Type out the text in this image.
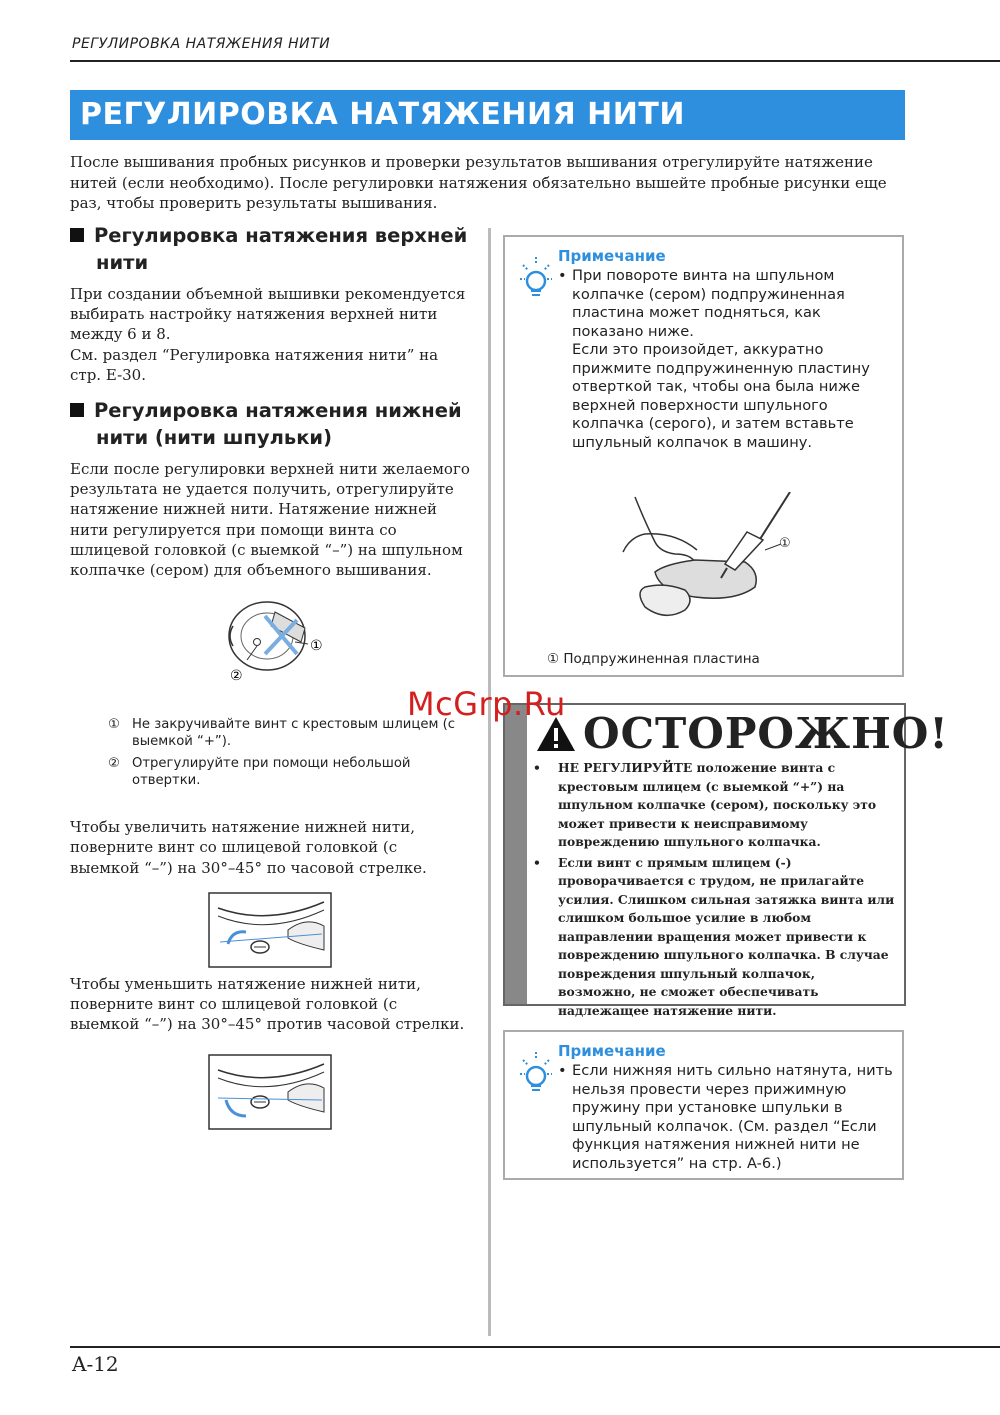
РЕГУЛИРОВКА НАТЯЖЕНИЯ НИТИ
РЕГУЛИРОВКА НАТЯЖЕНИЯ НИТИ
После вышивания пробных рисунков и проверки результатов вышивания отрегулируйте натяжение нитей (если необходимо). После регулировки натяжения обязательно вышейте пробные рисунки еще раз, чтобы проверить результаты вышивания.
Регулировка натяжения верхней нити

При создании объемной вышивки рекомендуется выбирать настройку натяжения верхней нити между 6 и 8.

См. раздел “Регулировка натяжения нити” на стр. E-30.

Регулировка натяжения нижней нити (нити шпульки)

Если после регулировки верхней нити желаемого результата не удается получить, отрегулируйте натяжение нижней нити. Натяжение нижней нити регулируется при помощи винта со шлицевой головкой (с выемкой “–”) на шпульном колпачке (сером) для объемного вышивания.

①
②
① Не закручивайте винт с крестовым шлицем (с выемкой “+”).
② Отрегулируйте при помощи небольшой отвертки.

Чтобы увеличить натяжение нижней нити, поверните винт со шлицевой головкой (с выемкой “–”) на 30°–45° по часовой стрелке.

Чтобы уменьшить натяжение нижней нити, поверните винт со шлицевой головкой (с выемкой “–”) на 30°–45° против часовой стрелки.

Примечание
• При повороте винта на шпульном колпачке (сером) подпружиненная пластина может подняться, как показано ниже.
Если это произойдет, аккуратно прижмите подпружиненную пластину отверткой так, чтобы она была ниже верхней поверхности шпульного колпачка (серого), и затем вставьте шпульный колпачок в машину.
①
① Подпружиненная пластина
ОСТОРОЖНО!
•	НЕ РЕГУЛИРУЙТЕ положение винта с крестовым шлицем (с выемкой “+”) на шпульном колпачке (сером), поскольку это может привести к неисправимому повреждению шпульного колпачка.
•	Если винт с прямым шлицем (-) проворачивается с трудом, не прилагайте усилия. Слишком сильная затяжка винта или слишком большое усилие в любом направлении вращения может привести к повреждению шпульного колпачка. В случае повреждения шпульный колпачок, возможно, не сможет обеспечивать надлежащее натяжение нити.
McGrp.Ru
Примечание
• Если нижняя нить сильно натянута, нить нельзя провести через прижимную пружину при установке шпульки в шпульный колпачок. (См. раздел “Если функция натяжения нижней нити не используется” на стр. A-6.)
A-12
